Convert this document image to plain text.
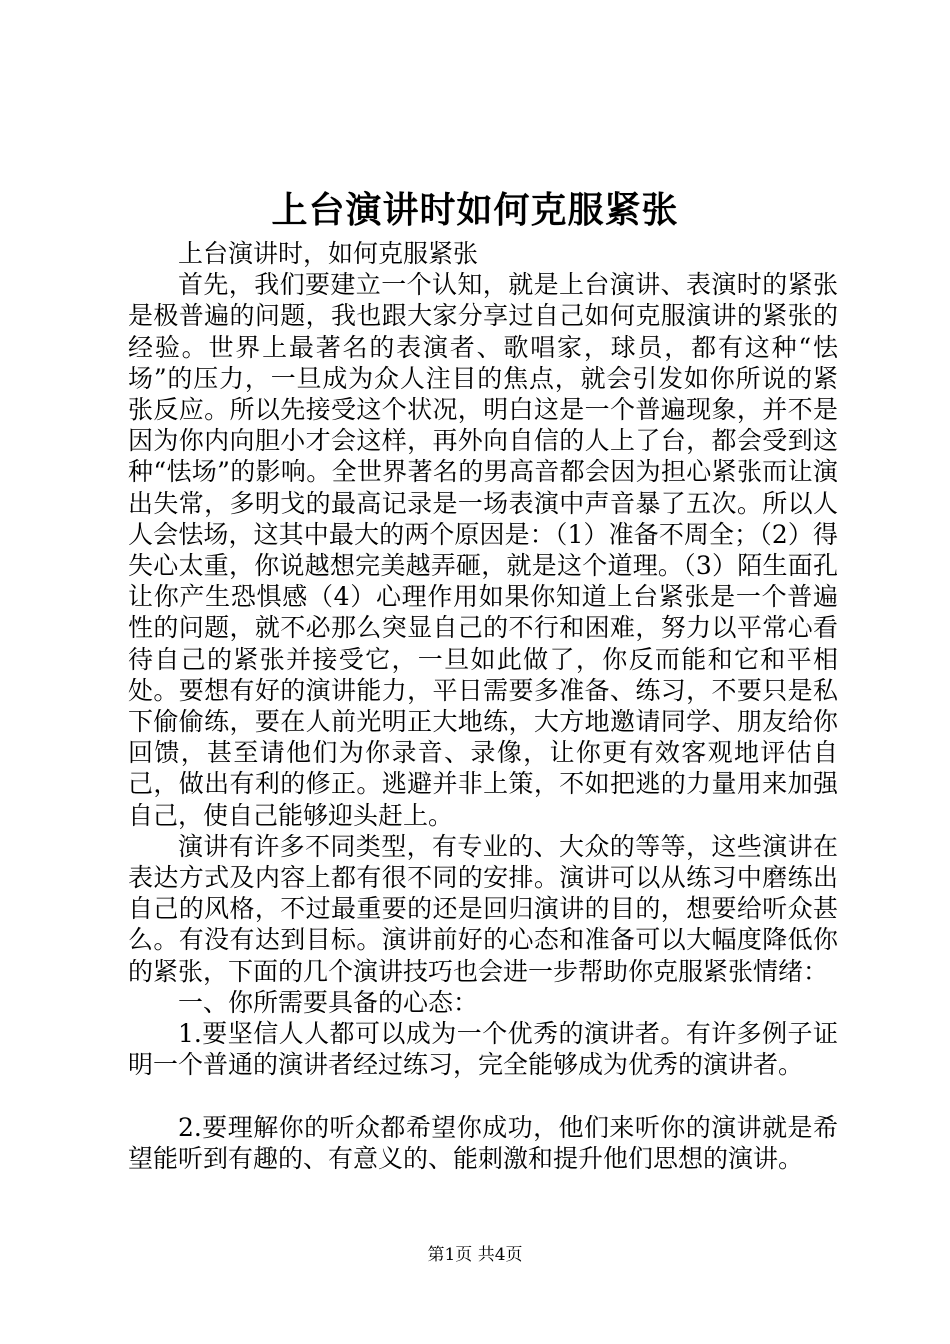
上台演讲时如何克服紧张

上台演讲时，如何克服紧张

首先，我们要建立一个认知，就是上台演讲、表演时的紧张是极普遍的问题，我也跟大家分享过自己如何克服演讲的紧张的经验。世界上最著名的表演者、歌唱家，球员，都有这种“怯场”的压力，一旦成为众人注目的焦点，就会引发如你所说的紧张反应。所以先接受这个状况，明白这是一个普遍现象，并不是因为你内向胆小才会这样，再外向自信的人上了台，都会受到这种“怯场”的影响。全世界著名的男高音都会因为担心紧张而让演出失常，多明戈的最高记录是一场表演中声音暴了五次。所以人人会怯场，这其中最大的两个原因是：（1）准备不周全；（2）得失心太重，你说越想完美越弄砸，就是这个道理。（3）陌生面孔让你产生恐惧感（4）心理作用如果你知道上台紧张是一个普遍性的问题，就不必那么突显自己的不行和困难，努力以平常心看待自己的紧张并接受它，一旦如此做了，你反而能和它和平相处。要想有好的演讲能力，平日需要多准备、练习，不要只是私下偷偷练，要在人前光明正大地练，大方地邀请同学、朋友给你回馈，甚至请他们为你录音、录像，让你更有效客观地评估自己，做出有利的修正。逃避并非上策，不如把逃的力量用来加强自己，使自己能够迎头赶上。

演讲有许多不同类型，有专业的、大众的等等，这些演讲在表达方式及内容上都有很不同的安排。演讲可以从练习中磨练出自己的风格，不过最重要的还是回归演讲的目的，想要给听众甚么。有没有达到目标。演讲前好的心态和准备可以大幅度降低你的紧张，下面的几个演讲技巧也会进一步帮助你克服紧张情绪：

一、你所需要具备的心态：

1.要坚信人人都可以成为一个优秀的演讲者。有许多例子证明一个普通的演讲者经过练习，完全能够成为优秀的演讲者。

2.要理解你的听众都希望你成功，他们来听你的演讲就是希望能听到有趣的、有意义的、能刺激和提升他们思想的演讲。

第1页 共4页
